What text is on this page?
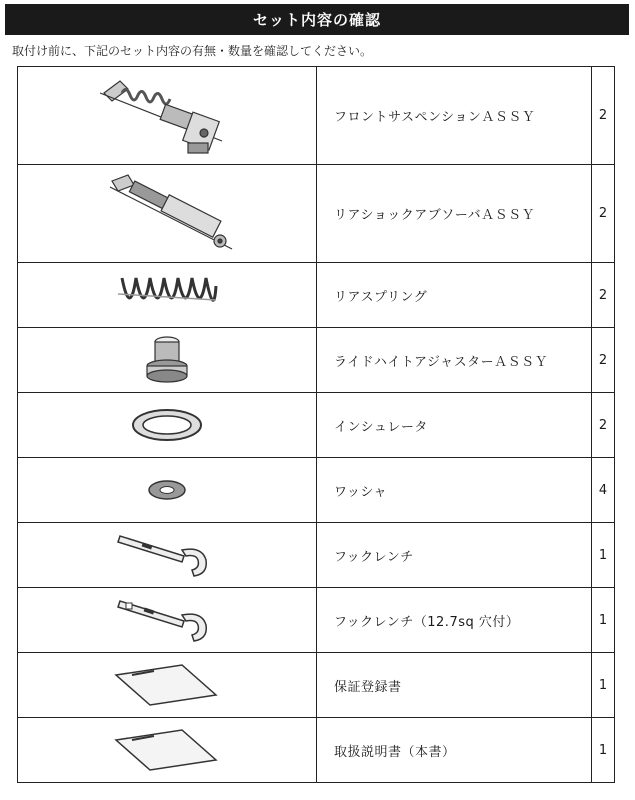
セット内容の確認
取付け前に、下記のセット内容の有無・数量を確認してください。
	フロントサスペンションＡＳＳＹ	2

	リアショックアブソーバＡＳＳＹ	2

	リアスプリング	2

	ライドハイトアジャスターＡＳＳＹ	2

	インシュレータ	2

	ワッシャ	4

	フックレンチ	1

	フックレンチ（12.7sq 穴付）	1

	保証登録書	1

	取扱説明書（本書）	1
